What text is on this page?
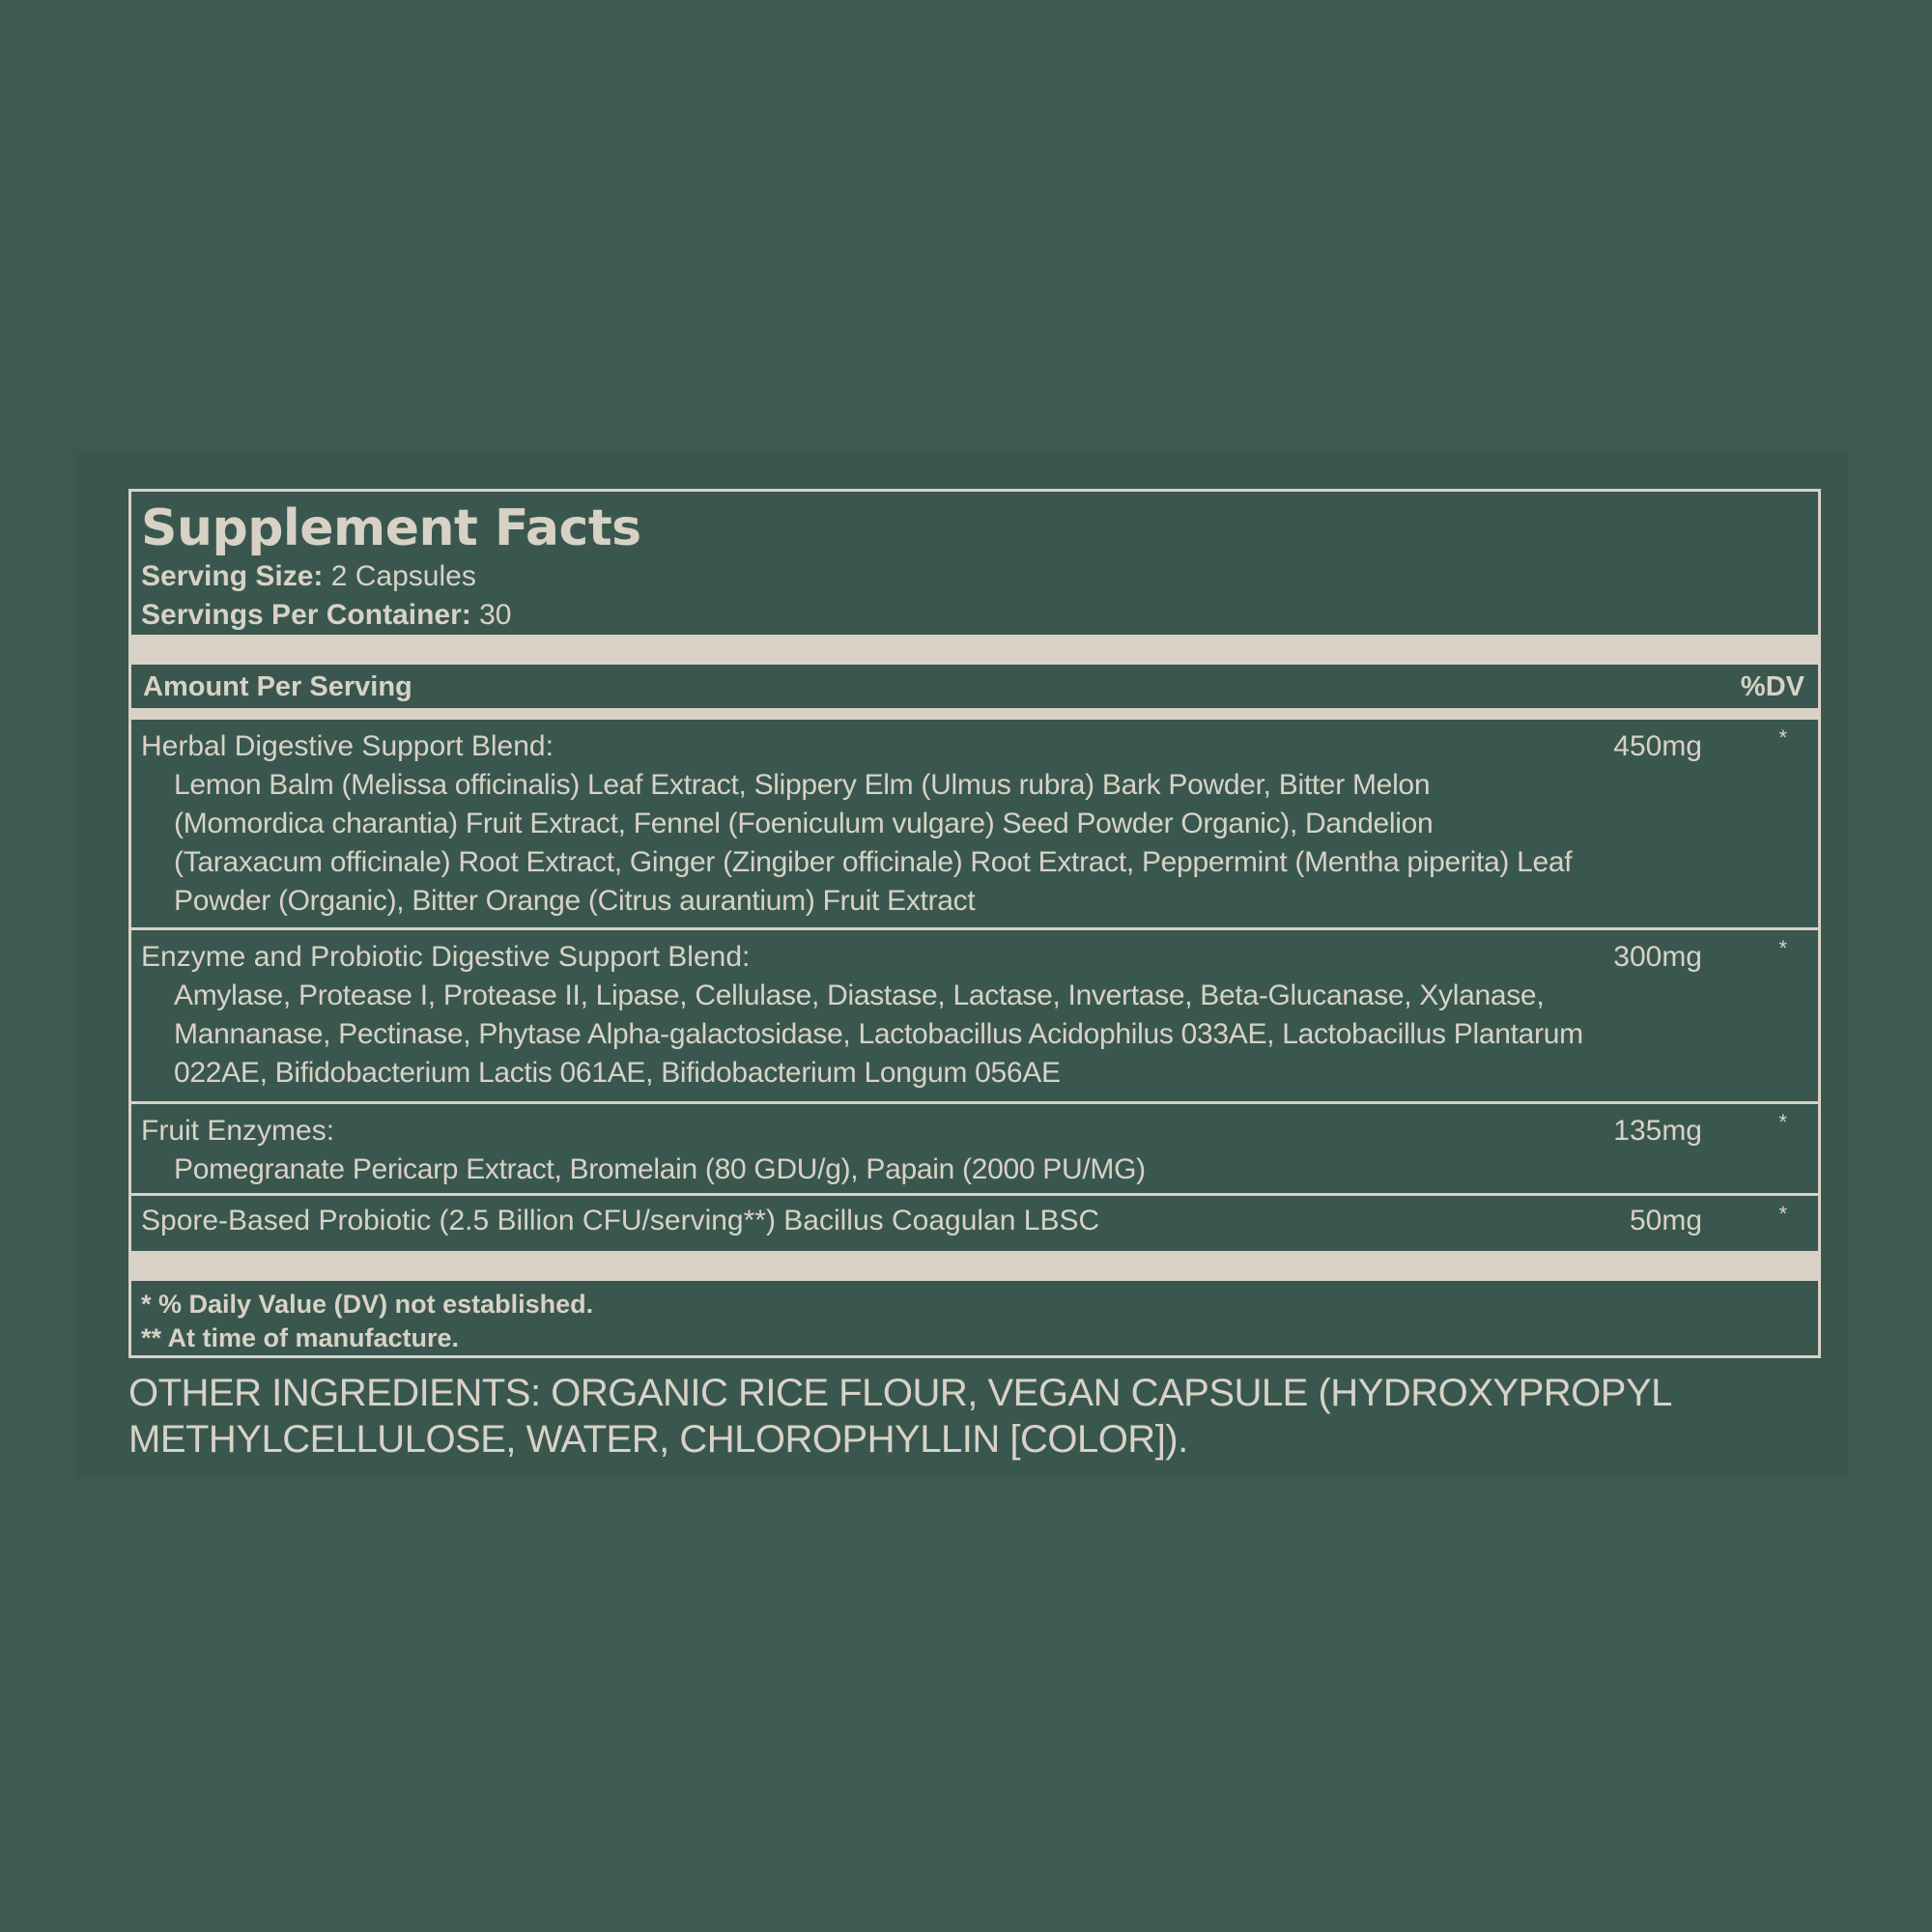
Supplement Facts
Serving Size: 2 Capsules
Servings Per Container: 30
Amount Per Serving	%DV
Herbal Digestive Support Blend:
Lemon Balm (Melissa officinalis) Leaf Extract, Slippery Elm (Ulmus rubra) Bark Powder, Bitter Melon (Momordica charantia) Fruit Extract, Fennel (Foeniculum vulgare) Seed Powder Organic), Dandelion (Taraxacum officinale) Root Extract, Ginger (Zingiber officinale) Root Extract, Peppermint (Mentha piperita) Leaf Powder (Organic), Bitter Orange (Citrus aurantium) Fruit Extract
450mg	*
Enzyme and Probiotic Digestive Support Blend:
Amylase, Protease I, Protease II, Lipase, Cellulase, Diastase, Lactase, Invertase, Beta-Glucanase, Xylanase, Mannanase, Pectinase, Phytase Alpha-galactosidase, Lactobacillus Acidophilus 033AE, Lactobacillus Plantarum 022AE, Bifidobacterium Lactis 061AE, Bifidobacterium Longum 056AE
300mg	*
Fruit Enzymes:
Pomegranate Pericarp Extract, Bromelain (80 GDU/g), Papain (2000 PU/MG)
135mg	*
Spore-Based Probiotic (2.5 Billion CFU/serving**) Bacillus Coagulan LBSC	50mg	*
* % Daily Value (DV) not established.
** At time of manufacture.
OTHER INGREDIENTS: ORGANIC RICE FLOUR, VEGAN CAPSULE (HYDROXYPROPYL METHYLCELLULOSE, WATER, CHLOROPHYLLIN [COLOR]).
